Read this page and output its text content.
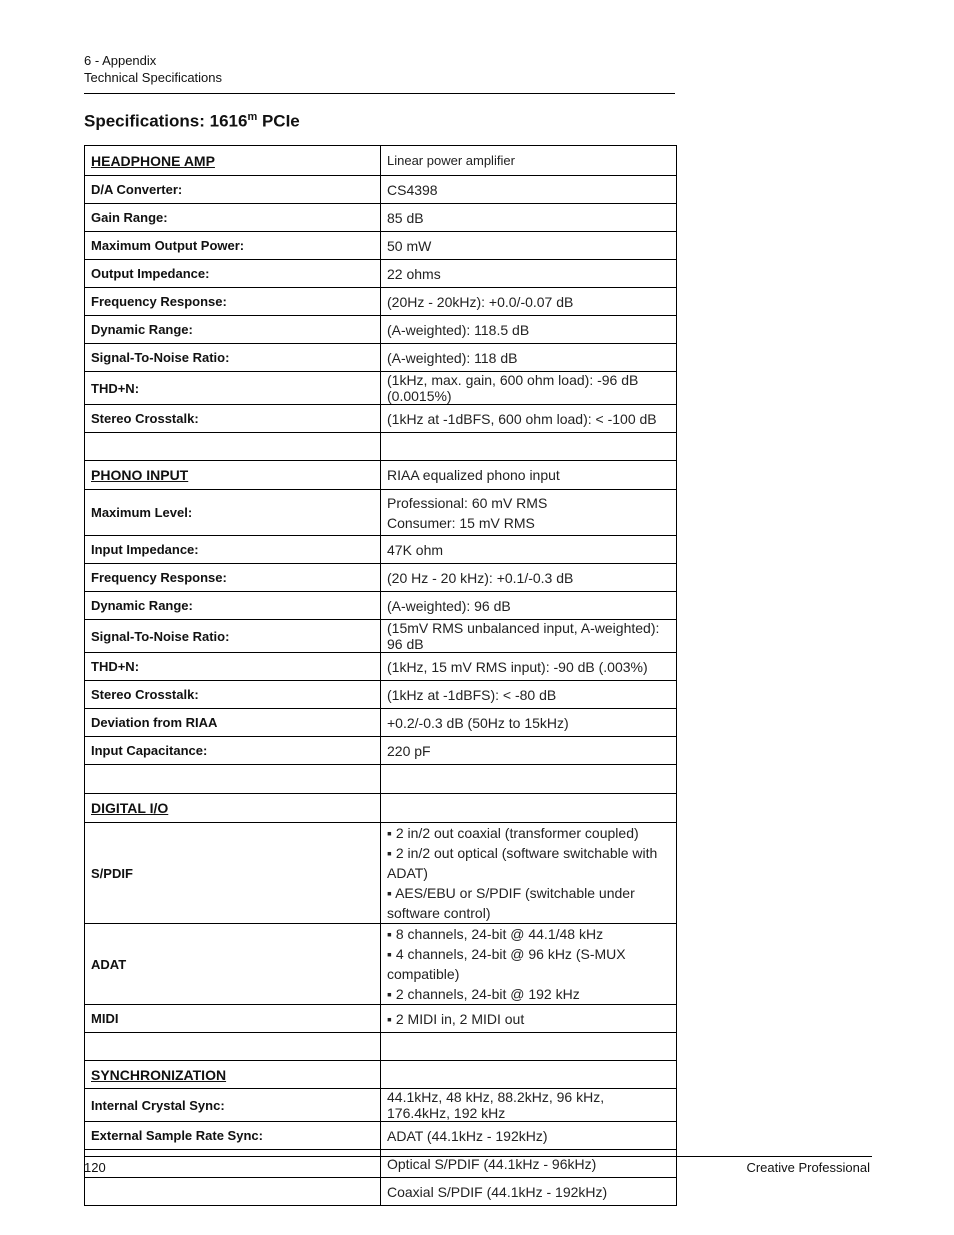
6 - Appendix
Technical Specifications
Specifications: 1616$^m$ PCIe
HEADPHONE AMP	Linear power amplifier
D/A Converter:	CS4398
Gain Range:	85 dB
Maximum Output Power:	50 mW
Output Impedance:	22 ohms
Frequency Response:	(20Hz - 20kHz): +0.0/-0.07 dB
Dynamic Range:	(A-weighted): 118.5 dB
Signal-To-Noise Ratio:	(A-weighted): 118 dB
THD+N:	(1kHz, max. gain, 600 ohm load): -96 dB (0.0015%)
Stereo Crosstalk:	(1kHz at -1dBFS, 600 ohm load): < -100 dB

PHONO INPUT	RIAA equalized phono input
Maximum Level:	Professional: 60 mV RMS
Consumer: 15 mV RMS

Input Impedance:	47K ohm
Frequency Response:	(20 Hz - 20 kHz): +0.1/-0.3 dB
Dynamic Range:	(A-weighted): 96 dB
Signal-To-Noise Ratio:	(15mV RMS unbalanced input, A-weighted): 96 dB
THD+N:	(1kHz, 15 mV RMS input): -90 dB (.003%)
Stereo Crosstalk:	(1kHz at -1dBFS): < -80 dB
Deviation from RIAA	+0.2/-0.3 dB (50Hz to 15kHz)
Input Capacitance:	220 pF

DIGITAL I/O	
S/PDIF	▪ 2 in/2 out coaxial (transformer coupled)
▪ 2 in/2 out optical (software switchable with ADAT)
▪ AES/EBU or S/PDIF (switchable under software control)

ADAT	▪ 8 channels, 24-bit @ 44.1/48 kHz
▪ 4 channels, 24-bit @ 96 kHz (S-MUX compatible)
▪ 2 channels, 24-bit @ 192 kHz

MIDI	▪ 2 MIDI in, 2 MIDI out

SYNCHRONIZATION	
Internal Crystal Sync:	44.1kHz, 48 kHz, 88.2kHz, 96 kHz, 176.4kHz, 192 kHz
External Sample Rate Sync:	ADAT (44.1kHz - 192kHz)
	Optical S/PDIF (44.1kHz - 96kHz)
	Coaxial S/PDIF (44.1kHz - 192kHz)
120	Creative Professional
